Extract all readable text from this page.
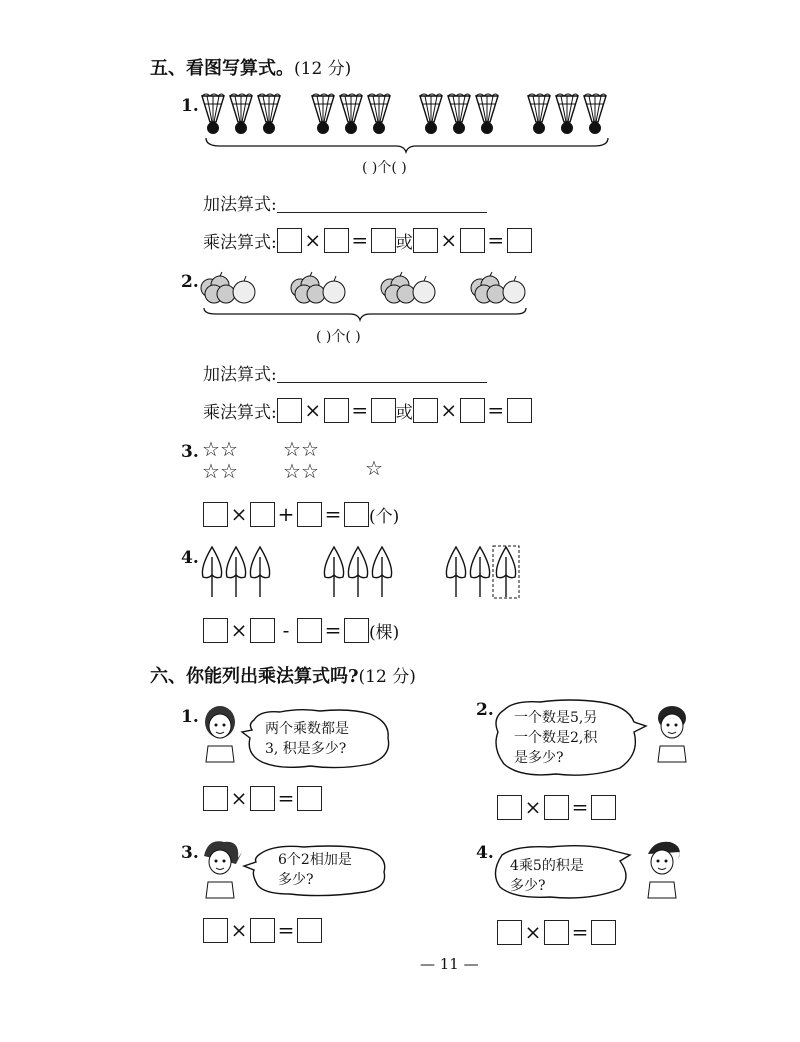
五、看图写算式。(12 分)
1.
( )个( )
加法算式:
乘法算式: × = 或 × =
2.
( )个( )
加法算式:
乘法算式: × = 或 × =
3. ☆☆
☆☆
☆☆
☆☆ ☆
× + = (个)
4.
×	-	= (棵)
六、你能列出乘法算式吗?(12 分)
1.
两个乘数都是
3, 积是多少?
× =
2. 一个数是5,另
一个数是2,积
是多少?
× =
3.	6个2相加是
多少?
× =
4.
4乘5的积是
多少?
× =
— 11 —
